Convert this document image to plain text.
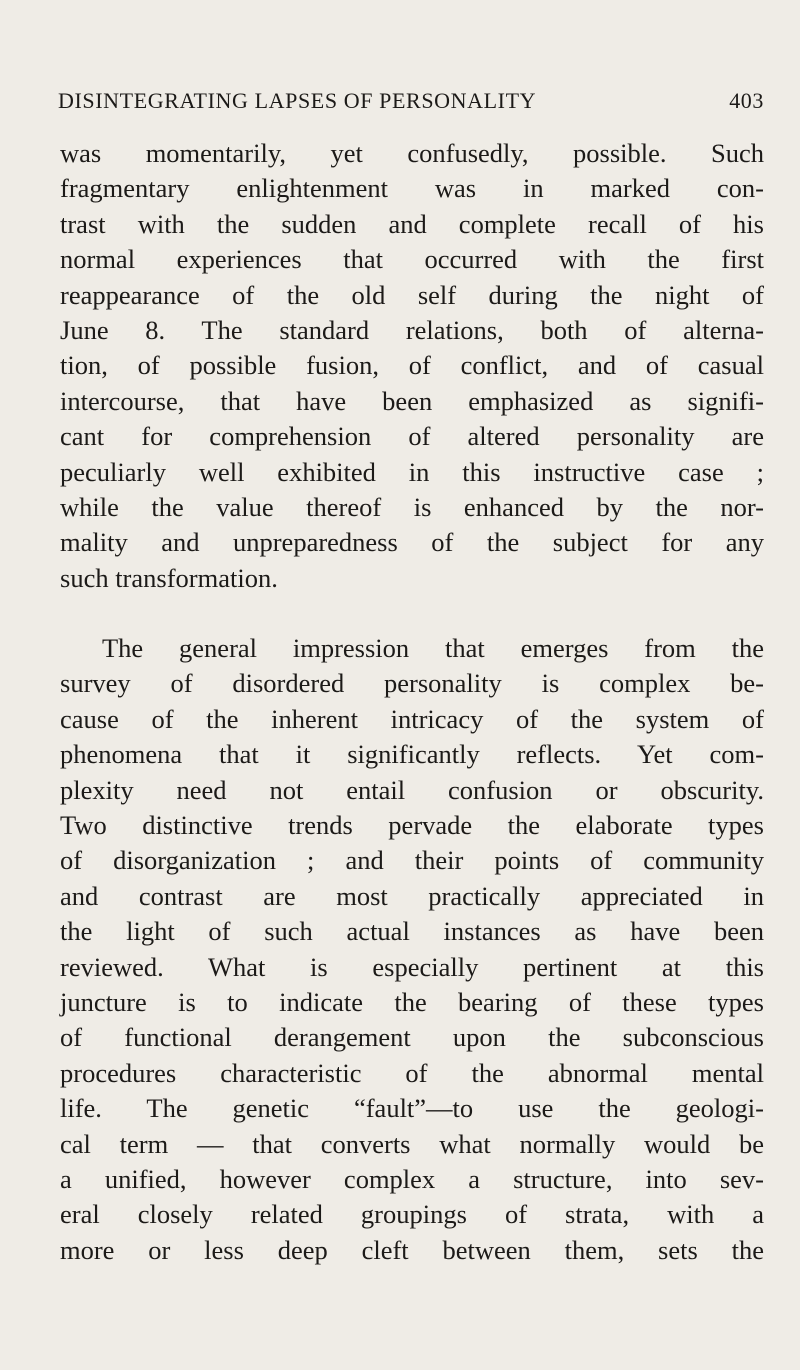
DISINTEGRATING LAPSES OF PERSONALITY	403
was momentarily, yet confusedly, possible. Such
fragmentary enlightenment was in marked con-
trast with the sudden and complete recall of his
normal experiences that occurred with the first
reappearance of the old self during the night of
June 8. The standard relations, both of alterna-
tion, of possible fusion, of conflict, and of casual
intercourse, that have been emphasized as signifi-
cant for comprehension of altered personality are
peculiarly well exhibited in this instructive case ;
while the value thereof is enhanced by the nor-
mality and unpreparedness of the subject for any
such transformation.
The general impression that emerges from the
survey of disordered personality is complex be-
cause of the inherent intricacy of the system of
phenomena that it significantly reflects. Yet com-
plexity need not entail confusion or obscurity.
Two distinctive trends pervade the elaborate types
of disorganization ; and their points of community
and contrast are most practically appreciated in
the light of such actual instances as have been
reviewed. What is especially pertinent at this
juncture is to indicate the bearing of these types
of functional derangement upon the subconscious
procedures characteristic of the abnormal mental
life. The genetic “fault”—to use the geologi-
cal term — that converts what normally would be
a unified, however complex a structure, into sev-
eral closely related groupings of strata, with a
more or less deep cleft between them, sets the
